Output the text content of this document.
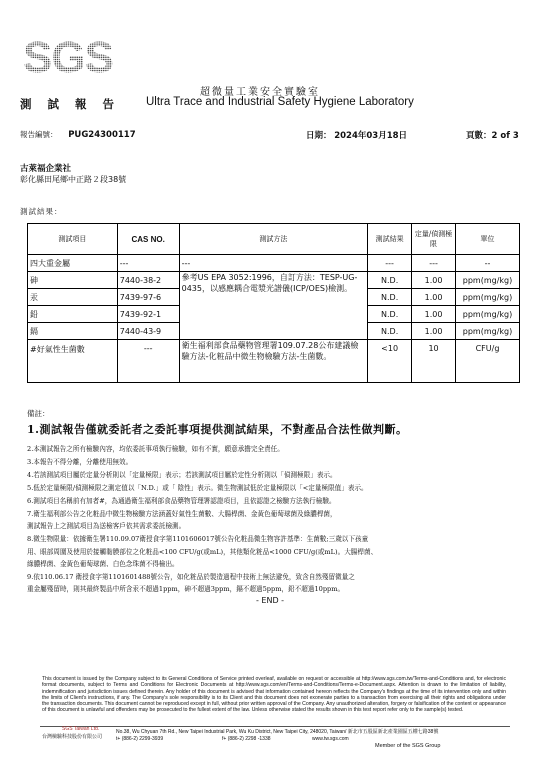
SGS
超微量工業安全實驗室
測 試 報 告 Ultra Trace and Industrial Safety Hygiene Laboratory
報告編號： PUG24300117	日期： 2024年03月18日	頁數：2 of 3
古萊福企業社
彰化縣田尾鄉中正路２段38號
測試結果：
測試項目	CAS NO.	測試方法	測試結果	定量/偵測極限	單位
四大重金屬	---	---	---	---	--
砷	7440-38-2	參考US EPA 3052:1996，自訂方法：TESP-UG-0435，以感應耦合電漿光譜儀(ICP/OES)檢測。	N.D.	1.00	ppm(mg/kg)
汞	7439-97-6		N.D.	1.00	ppm(mg/kg)
鉛	7439-92-1		N.D.	1.00	ppm(mg/kg)
鎘	7440-43-9		N.D.	1.00	ppm(mg/kg)
#好氣性生菌數	---	衛生福利部食品藥物管理署109.07.28公布建議檢驗方法-化粧品中微生物檢驗方法-生菌數。	<10	10	CFU/g
備註：
1.測試報告僅就委託者之委託事項提供測試結果，不對產品合法性做判斷。
2.本測試報告之所有檢驗內容，均依委託事項執行檢驗，如有不實，願意承擔完全責任。
3.本報告不得分離，分離使用無效。
4.若該測試項目屬於定量分析則以「定量極限」表示；若該測試項目屬於定性分析則以「偵測極限」表示。
5.低於定量極限/偵測極限之測定值以「N.D.」或「 陰性」表示。微生物測試低於定量極限以「<定量極限值」表示。
6.測試項目名稱前有加者#，為通過衛生福利部食品藥物管理署認證項目，且依認證之檢驗方法執行檢驗。
7.衛生福利部公告之化粧品中微生物檢驗方法涵蓋好氣性生菌數、大腸桿菌、金黃色葡萄球菌及綠膿桿菌，
測試報告上之測試項目為送檢客戶依其需求委託檢測。
8.微生物限量：依據衛生署110.09.07衛授食字第1101606017號公告化粧品微生物容許基準：生菌數;三歲以下孩童
用、眼部周圍及使用於接觸黏膜部位之化粧品<100 CFU/g(或mL)，其他類化粧品<1000 CFU/g(或mL)。大腸桿菌、
綠膿桿菌、金黃色葡萄球菌、白色念珠菌不得檢出。
9.依110.06.17 衛授食字第1101601488號公告，如化粧品於製造過程中技術上無法避免，致含自然殘留微量之
重金屬殘留時，則其最終製品中所含汞不超過1ppm，砷不超過3ppm，鎘不超過5ppm，鉛不超過10ppm。
- END -
This document is issued by the Company subject to its General Conditions of Service printed overleaf, available on request or accessible at http://www.sgs.com.tw/Terms-and-Conditions and, for electronic format documents, subject to Terms and Conditions for Electronic Documents at http://www.sgs.com/en/Terms-and-Conditions/Terms-e-Document.aspx. Attention is drawn to the limitation of liability, indemnification and jurisdiction issues defined therein. Any holder of this document is advised that information contained hereon reflects the Company's findings at the time of its intervention only and within the limits of Client's instructions, if any. The Company's sole responsibility is to its Client and this document does not exonerate parties to a transaction from exercising all their rights and obligations under the transaction documents. This document cannot be reproduced except in full, without prior written approval of the Company. Any unauthorized alteration, forgery or falsification of the content or appearance of this document is unlawful and offenders may be prosecuted to the fullest extent of the law. Unless otherwise stated the results shown in this test report refer only to the sample(s) tested.
SGS Taiwan Ltd.
台灣檢驗科技股份有限公司
No.38, Wu Chyuan 7th Rd., New Taipei Industrial Park, Wu Ku District, New Taipei City, 248020, Taiwan/ 新北市五股區新北產業園區五權七路38號
t+ (886-2) 2299-3939	f+ (886-2) 2298 -1338	www.tw.sgs.com
Member of the SGS Group
